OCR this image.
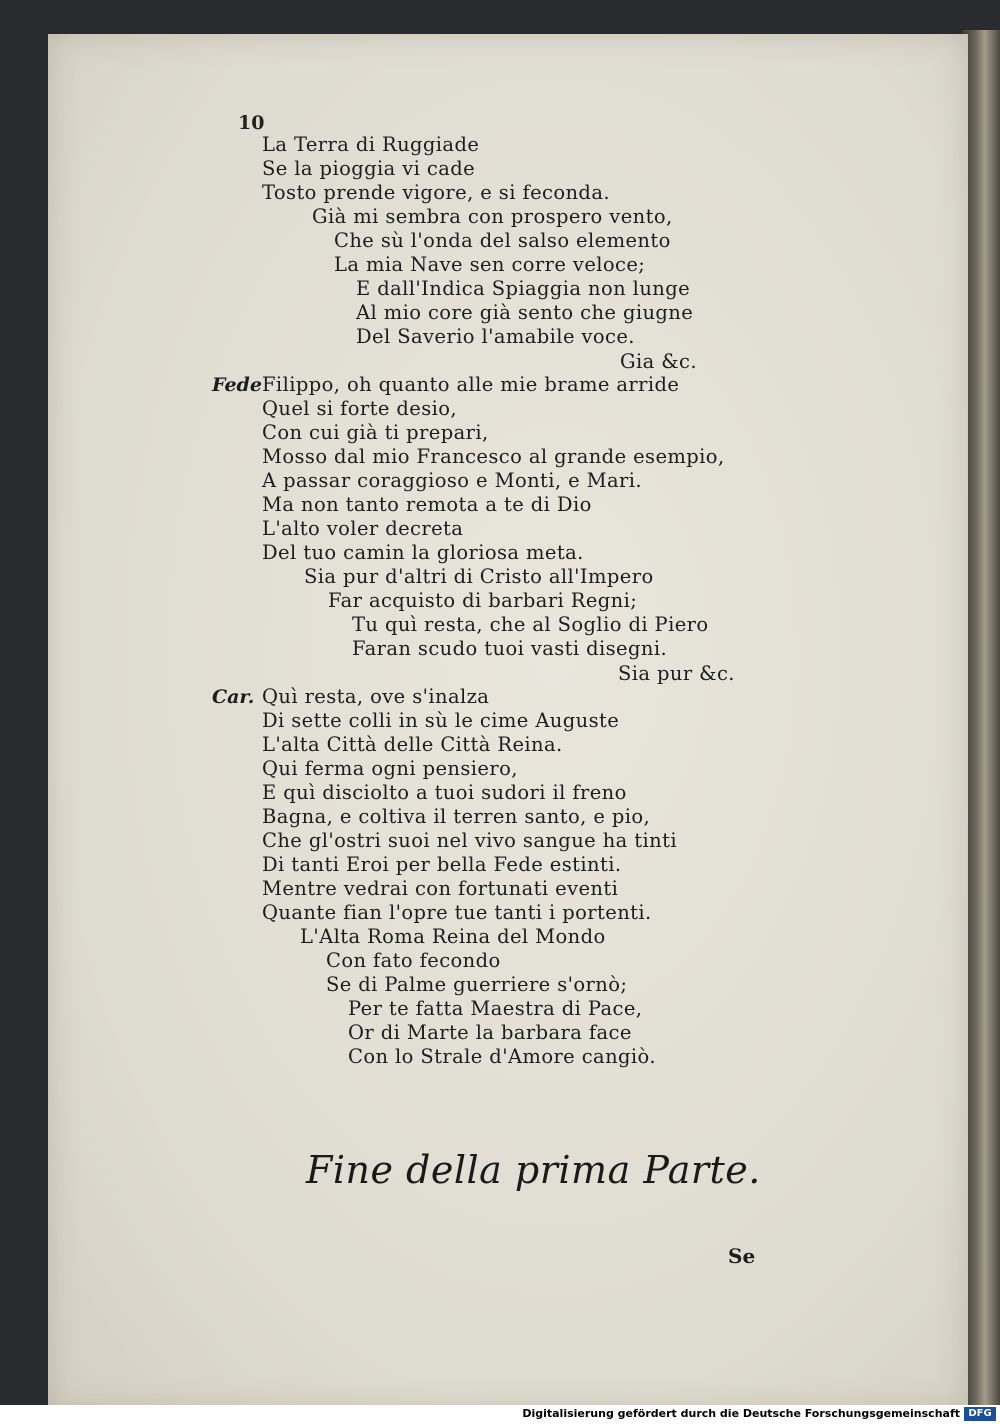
10
La Terra di Ruggiade
Se la pioggia vi cade
Tosto prende vigore, e si feconda.
Già mi sembra con prospero vento,
Che sù l'onda del salso elemento
La mia Nave sen corre veloce;
E dall'Indica Spiaggia non lunge
Al mio core già sento che giugne
Del Saverio l'amabile voce.
Gia &c.
Fede Filippo, oh quanto alle mie brame arride
Quel si forte desio,
Con cui già ti prepari,
Mosso dal mio Francesco al grande esempio,
A passar coraggioso e Monti, e Mari.
Ma non tanto remota a te di Dio
L'alto voler decreta
Del tuo camin la gloriosa meta.
Sia pur d'altri di Cristo all'Impero
Far acquisto di barbari Regni;
Tu quì resta, che al Soglio di Piero
Faran scudo tuoi vasti disegni.
Sia pur &c.
Car. Quì resta, ove s'inalza
Di sette colli in sù le cime Auguste
L'alta Città delle Città Reina.
Qui ferma ogni pensiero,
E quì disciolto a tuoi sudori il freno
Bagna, e coltiva il terren santo, e pio,
Che gl'ostri suoi nel vivo sangue ha tinti
Di tanti Eroi per bella Fede estinti.
Mentre vedrai con fortunati eventi
Quante fian l'opre tue tanti i portenti.
L'Alta Roma Reina del Mondo
Con fato fecondo
Se di Palme guerriere s'ornò;
Per te fatta Maestra di Pace,
Or di Marte la barbara face
Con lo Strale d'Amore cangiò.
Fine della prima Parte.
Se
Digitalisierung gefördert durch die Deutsche Forschungsgemeinschaft DFG
